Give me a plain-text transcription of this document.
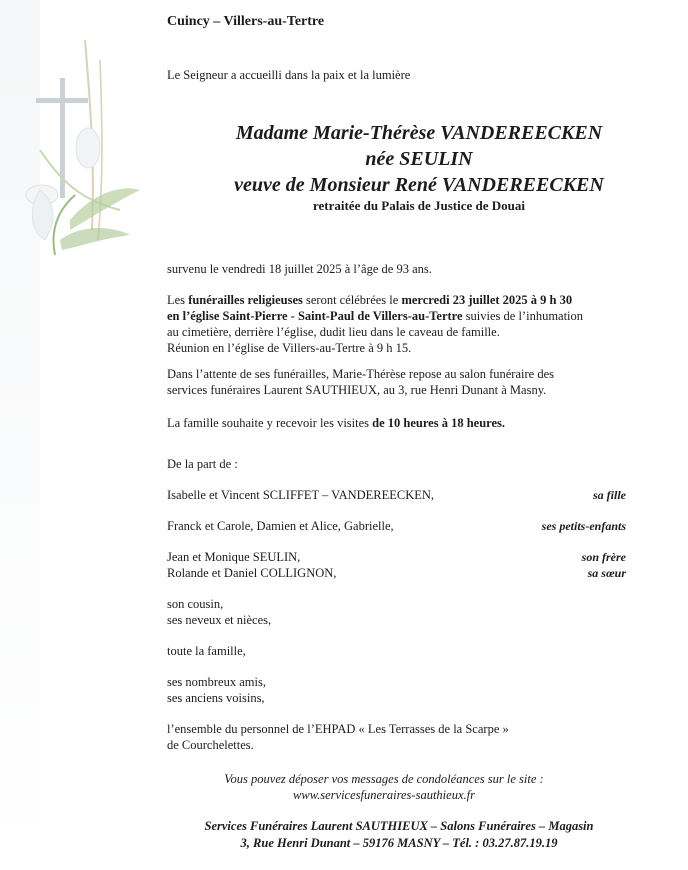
Cuincy – Villers-au-Tertre
Le Seigneur a accueilli dans la paix et la lumière
Madame Marie-Thérèse VANDEREECKEN
née SEULIN
veuve de Monsieur René VANDEREECKEN
retraitée du Palais de Justice de Douai
survenu le vendredi 18 juillet 2025 à l’âge de 93 ans.
Les funérailles religieuses seront célébrées le mercredi 23 juillet 2025 à 9 h 30
en l’église Saint-Pierre - Saint-Paul de Villers-au-Tertre suivies de l’inhumation
au cimetière, derrière l’église, dudit lieu dans le caveau de famille.
Réunion en l’église de Villers-au-Tertre à 9 h 15.
Dans l’attente de ses funérailles, Marie-Thérèse repose au salon funéraire des
services funéraires Laurent SAUTHIEUX, au 3, rue Henri Dunant à Masny.
La famille souhaite y recevoir les visites de 10 heures à 18 heures.
De la part de :
Isabelle et Vincent SCLIFFET – VANDEREECKEN,	sa fille
Franck et Carole, Damien et Alice, Gabrielle,	ses petits-enfants
Jean et Monique SEULIN,	son frère
Rolande et Daniel COLLIGNON,	sa sœur
son cousin,
ses neveux et nièces,
toute la famille,
ses nombreux amis,
ses anciens voisins,
l’ensemble du personnel de l’EHPAD « Les Terrasses de la Scarpe »
de Courchelettes.
Vous pouvez déposer vos messages de condoléances sur le site :
www.servicesfuneraires-sauthieux.fr
Services Funéraires Laurent SAUTHIEUX – Salons Funéraires – Magasin
3, Rue Henri Dunant – 59176 MASNY – Tél. : 03.27.87.19.19
